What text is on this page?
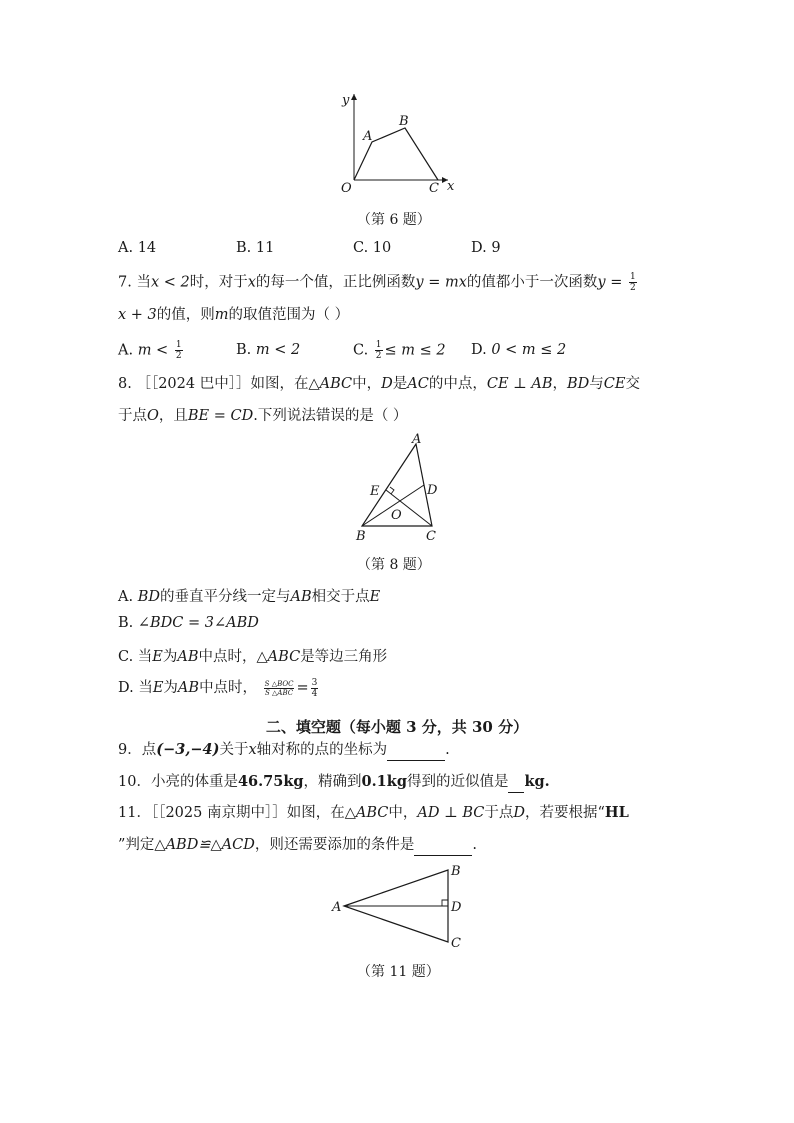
y
x
O
A
B
C
（第 6 题）
A. 14	B. 11	C. 10	D. 9
7. 当x < 2时，对于x的每一个值，正比例函数y = mx的值都小于一次函数$y = \frac{1}{2}$
x + 3的值，则m的取值范围为（ ）
A. $m < \frac{1}{2}$	B. m < 2	C. $\frac{1}{2} \le m \le 2$ D. 0 < m ≤ 2
8. ［［2024 巴中］］如图，在△ABC中，D是AC的中点，CE ⊥ AB，BD与CE交
于点O，且BE = CD.下列说法错误的是（ ）
A
B	C
D
E
O
（第 8 题）
A. BD的垂直平分线一定与AB相交于点E
B. ∠BDC = 3∠ABD
C. 当E为AB中点时，△ABC是等边三角形
D. 当E为AB中点时， $\frac{\text{S △BOC}}{\text{S △ABC}} = \frac{3}{4}$
二、填空题（每小题 3 分，共 30 分）
9．点(−3,−4)关于x轴对称的点的坐标为	.
10．小亮的体重是46.75kg，精确到0.1kg得到的近似值是 kg.
11．［［2025 南京期中］］如图，在△ABC中，AD ⊥ BC于点D，若要根据“HL
”判定△ABD≌△ACD，则还需要添加的条件是	.
A
B
D
C
（第 11 题）
